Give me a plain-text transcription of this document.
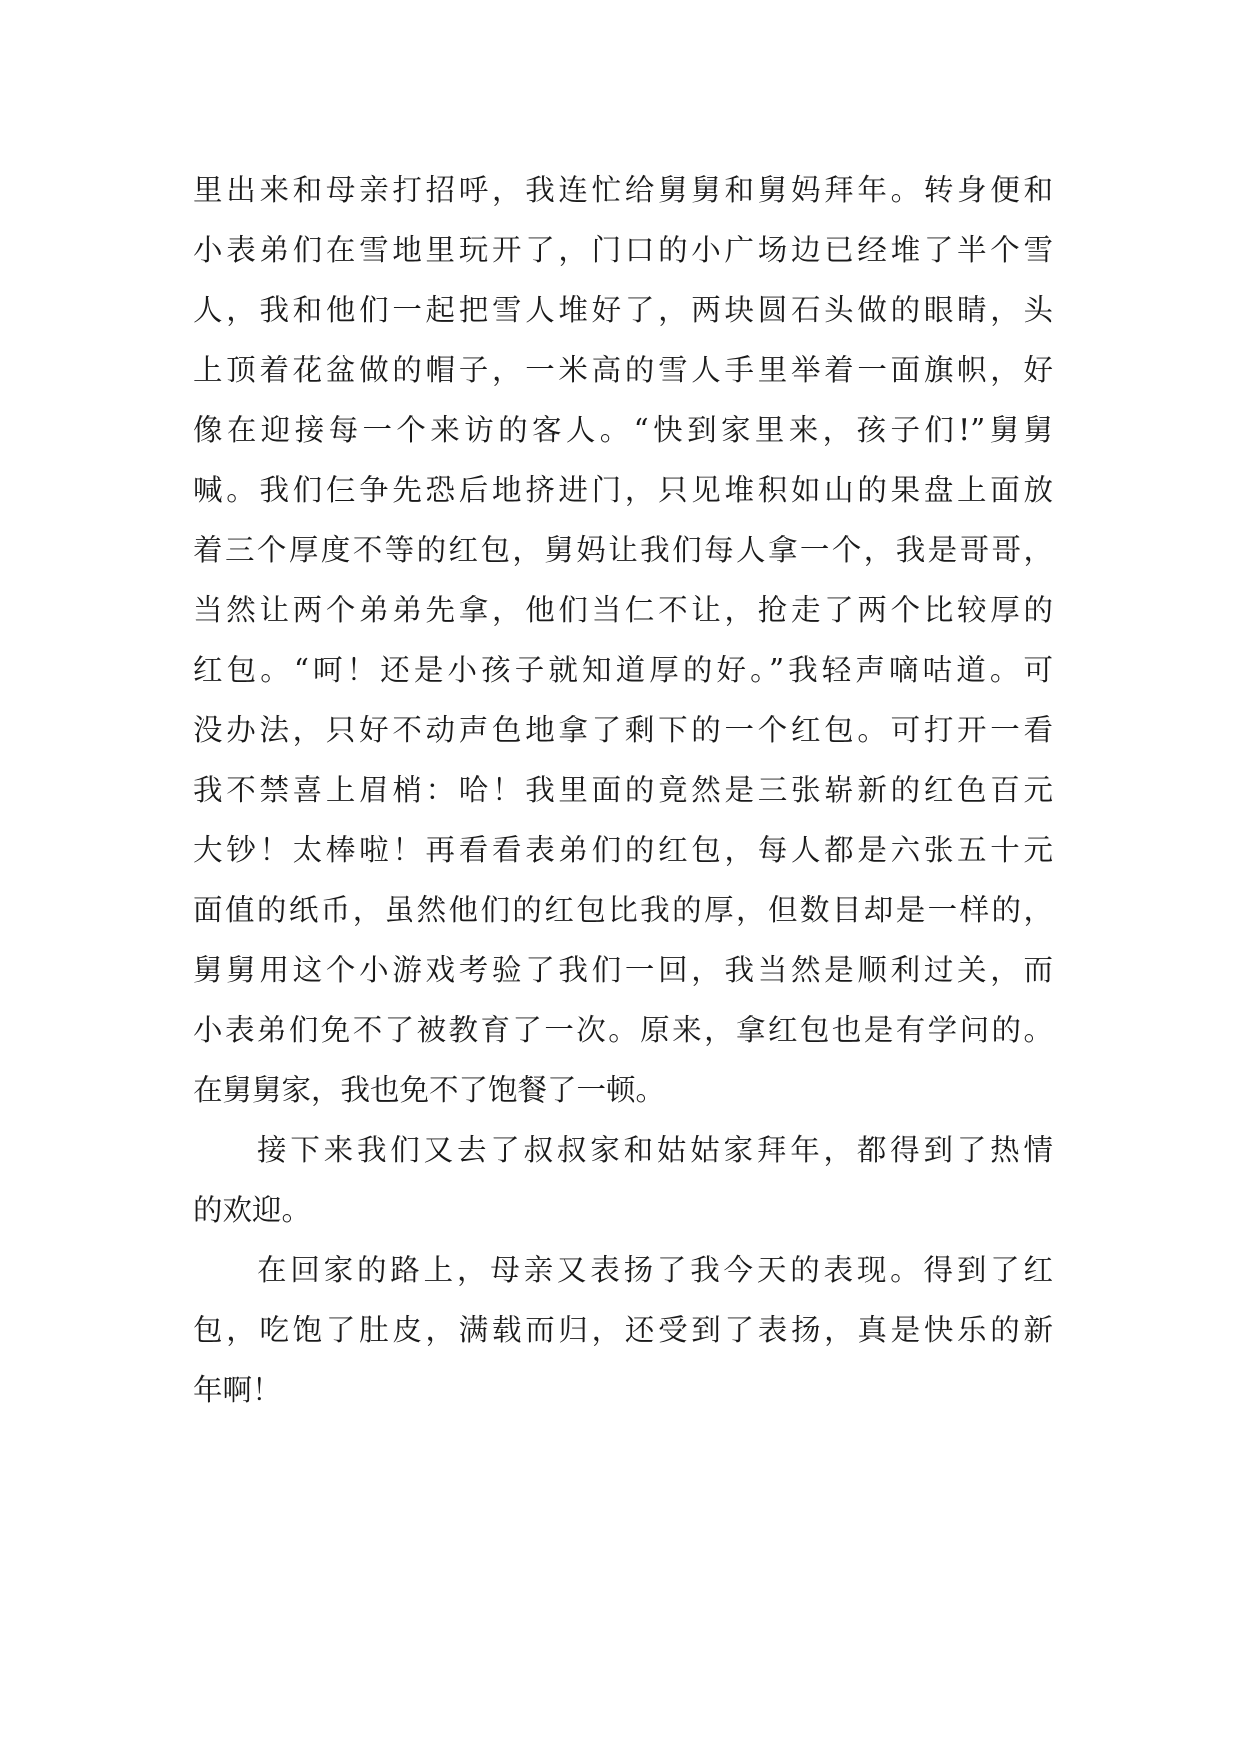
里出来和母亲打招呼，我连忙给舅舅和舅妈拜年。转身便和
小表弟们在雪地里玩开了，门口的小广场边已经堆了半个雪
人，我和他们一起把雪人堆好了，两块圆石头做的眼睛，头
上顶着花盆做的帽子，一米高的雪人手里举着一面旗帜，好
像在迎接每一个来访的客人。“快到家里来，孩子们!”舅舅
喊。我们仨争先恐后地挤进门，只见堆积如山的果盘上面放
着三个厚度不等的红包，舅妈让我们每人拿一个，我是哥哥，
当然让两个弟弟先拿，他们当仁不让，抢走了两个比较厚的
红包。“呵！还是小孩子就知道厚的好。”我轻声嘀咕道。可
没办法，只好不动声色地拿了剩下的一个红包。可打开一看
我不禁喜上眉梢：哈！我里面的竟然是三张崭新的红色百元
大钞！太棒啦！再看看表弟们的红包，每人都是六张五十元
面值的纸币，虽然他们的红包比我的厚，但数目却是一样的，
舅舅用这个小游戏考验了我们一回，我当然是顺利过关，而
小表弟们免不了被教育了一次。原来，拿红包也是有学问的。
在舅舅家，我也免不了饱餐了一顿。
接下来我们又去了叔叔家和姑姑家拜年，都得到了热情
的欢迎。
在回家的路上，母亲又表扬了我今天的表现。得到了红
包，吃饱了肚皮，满载而归，还受到了表扬，真是快乐的新
年啊！
